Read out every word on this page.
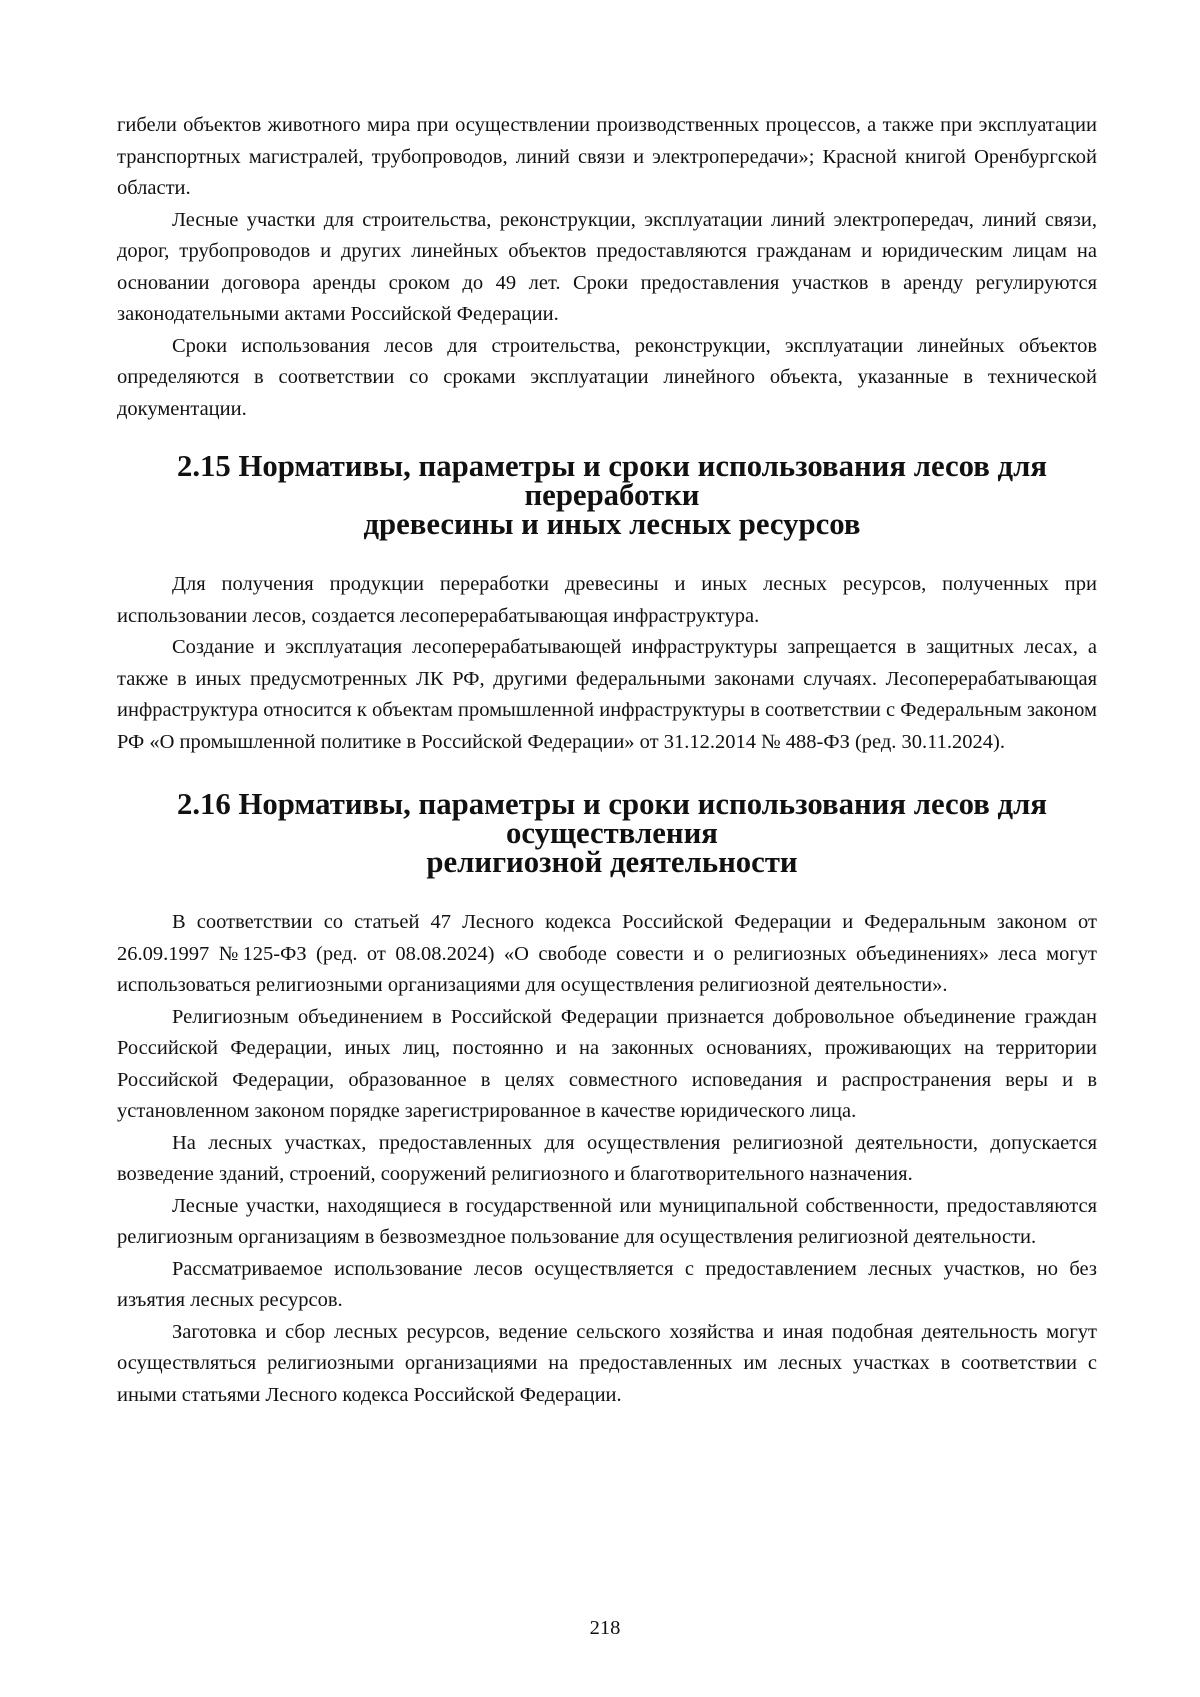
гибели объектов животного мира при осуществлении производственных процессов, а также при эксплуатации транспортных магистралей, трубопроводов, линий связи и электропередачи»; Красной книгой Оренбургской области.

Лесные участки для строительства, реконструкции, эксплуатации линий электропередач, линий связи, дорог, трубопроводов и других линейных объектов предоставляются гражданам и юридическим лицам на основании договора аренды сроком до 49 лет. Сроки предоставления участков в аренду регулируются законодательными актами Российской Федерации.

Сроки использования лесов для строительства, реконструкции, эксплуатации линейных объектов определяются в соответствии со сроками эксплуатации линейного объекта, указанные в технической документации.

2.15 Нормативы, параметры и сроки использования лесов для переработки
древесины и иных лесных ресурсов

Для получения продукции переработки древесины и иных лесных ресурсов, полученных при использовании лесов, создается лесоперерабатывающая инфраструктура.

Создание и эксплуатация лесоперерабатывающей инфраструктуры запрещается в защитных лесах, а также в иных предусмотренных ЛК РФ, другими федеральными законами случаях. Лесоперерабатывающая инфраструктура относится к объектам промышленной инфраструктуры в соответствии с Федеральным законом РФ «О промышленной политике в Российской Федерации» от 31.12.2014 № 488-ФЗ (ред. 30.11.2024).

2.16 Нормативы, параметры и сроки использования лесов для осуществления
религиозной деятельности

В соответствии со статьей 47 Лесного кодекса Российской Федерации и Федеральным законом от 26.09.1997 №125-ФЗ (ред. от 08.08.2024) «О свободе совести и о религиозных объединениях» леса могут использоваться религиозными организациями для осуществления религиозной деятельности».

Религиозным объединением в Российской Федерации признается добровольное объединение граждан Российской Федерации, иных лиц, постоянно и на законных основаниях, проживающих на территории Российской Федерации, образованное в целях совместного исповедания и распространения веры и в установленном законом порядке зарегистрированное в качестве юридического лица.

На лесных участках, предоставленных для осуществления религиозной деятельности, допускается возведение зданий, строений, сооружений религиозного и благотворительного назначения.

Лесные участки, находящиеся в государственной или муниципальной собственности, предоставляются религиозным организациям в безвозмездное пользование для осуществления религиозной деятельности.

Рассматриваемое использование лесов осуществляется с предоставлением лесных участков, но без изъятия лесных ресурсов.

Заготовка и сбор лесных ресурсов, ведение сельского хозяйства и иная подобная деятельность могут осуществляться религиозными организациями на предоставленных им лесных участках в соответствии с иными статьями Лесного кодекса Российской Федерации.

218
